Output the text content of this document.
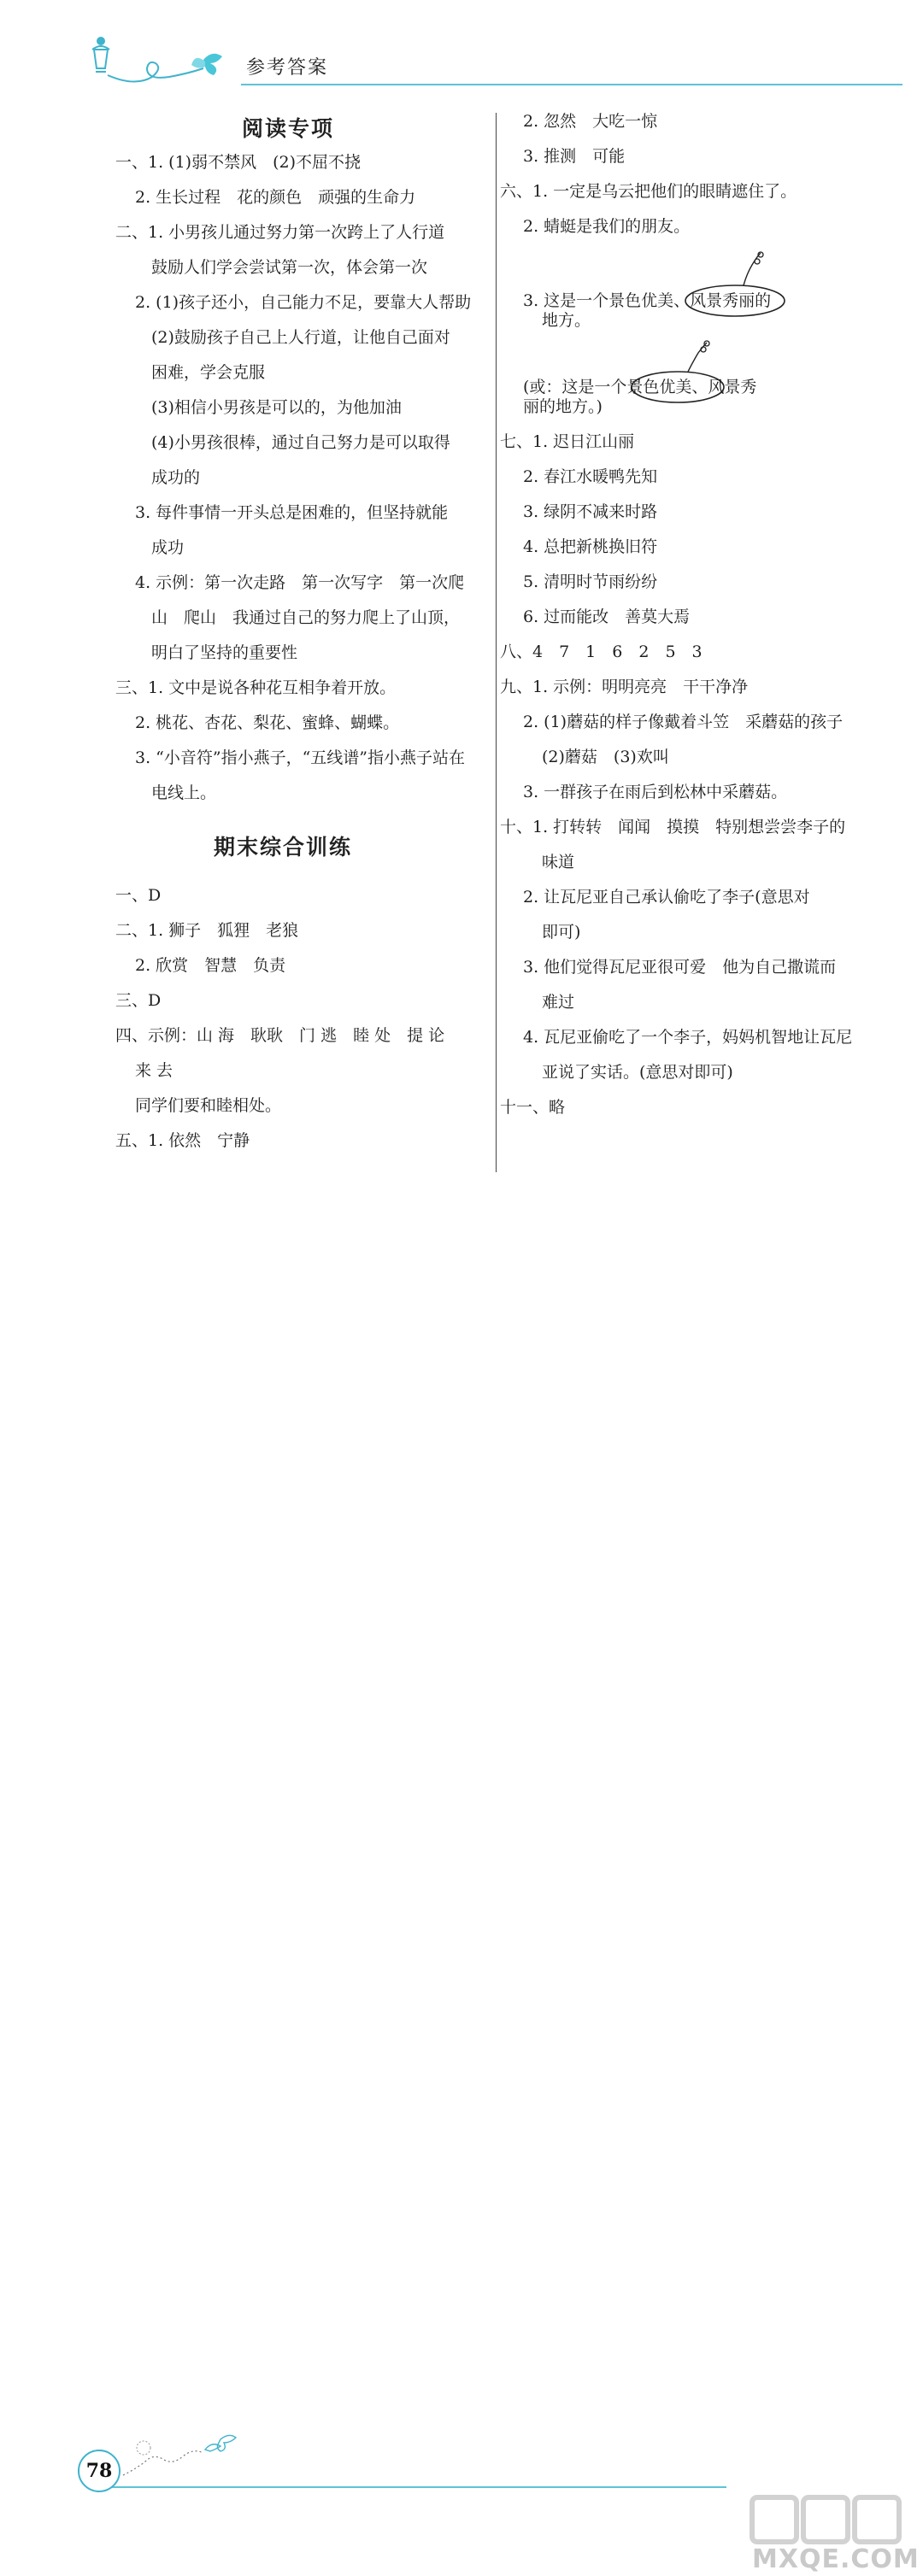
参考答案
阅读专项
一、1. (1)弱不禁风　(2)不屈不挠
2. 生长过程　花的颜色　顽强的生命力
二、1. 小男孩儿通过努力第一次跨上了人行道
鼓励人们学会尝试第一次，体会第一次
2. (1)孩子还小，自己能力不足，要靠大人帮助
(2)鼓励孩子自己上人行道，让他自己面对
困难，学会克服
(3)相信小男孩是可以的，为他加油
(4)小男孩很棒，通过自己努力是可以取得
成功的
3. 每件事情一开头总是困难的，但坚持就能
成功
4. 示例：第一次走路　第一次写字　第一次爬
山　爬山　我通过自己的努力爬上了山顶，
明白了坚持的重要性
三、1. 文中是说各种花互相争着开放。
2. 桃花、杏花、梨花、蜜蜂、蝴蝶。
3. “小音符”指小燕子，“五线谱”指小燕子站在
电线上。
期末综合训练
一、D
二、1. 狮子　狐狸　老狼
2. 欣赏　智慧　负责
三、D
四、示例：山 海　耿耿　门 逃　睦 处　提 论
来 去
同学们要和睦相处。
五、1. 依然　宁静
2. 忽然　大吃一惊
3. 推测　可能
六、1. 一定是乌云把他们的眼睛遮住了。
2. 蜻蜓是我们的朋友。
3. 这是一个景色优美、风景秀丽的
地方。
(或：这是一个景色优美、风景秀
丽的地方。)
七、1. 迟日江山丽
2. 春江水暖鸭先知
3. 绿阴不减来时路
4. 总把新桃换旧符
5. 清明时节雨纷纷
6. 过而能改　善莫大焉
八、4　7　1　6　2　5　3
九、1. 示例：明明亮亮　干干净净
2. (1)蘑菇的样子像戴着斗笠　采蘑菇的孩子
(2)蘑菇　(3)欢叫
3. 一群孩子在雨后到松林中采蘑菇。
十、1. 打转转　闻闻　摸摸　特别想尝尝李子的
味道
2. 让瓦尼亚自己承认偷吃了李子(意思对
即可)
3. 他们觉得瓦尼亚很可爱　他为自己撒谎而
难过
4. 瓦尼亚偷吃了一个李子，妈妈机智地让瓦尼
亚说了实话。(意思对即可)
十一、略
78
MXQE.COM
